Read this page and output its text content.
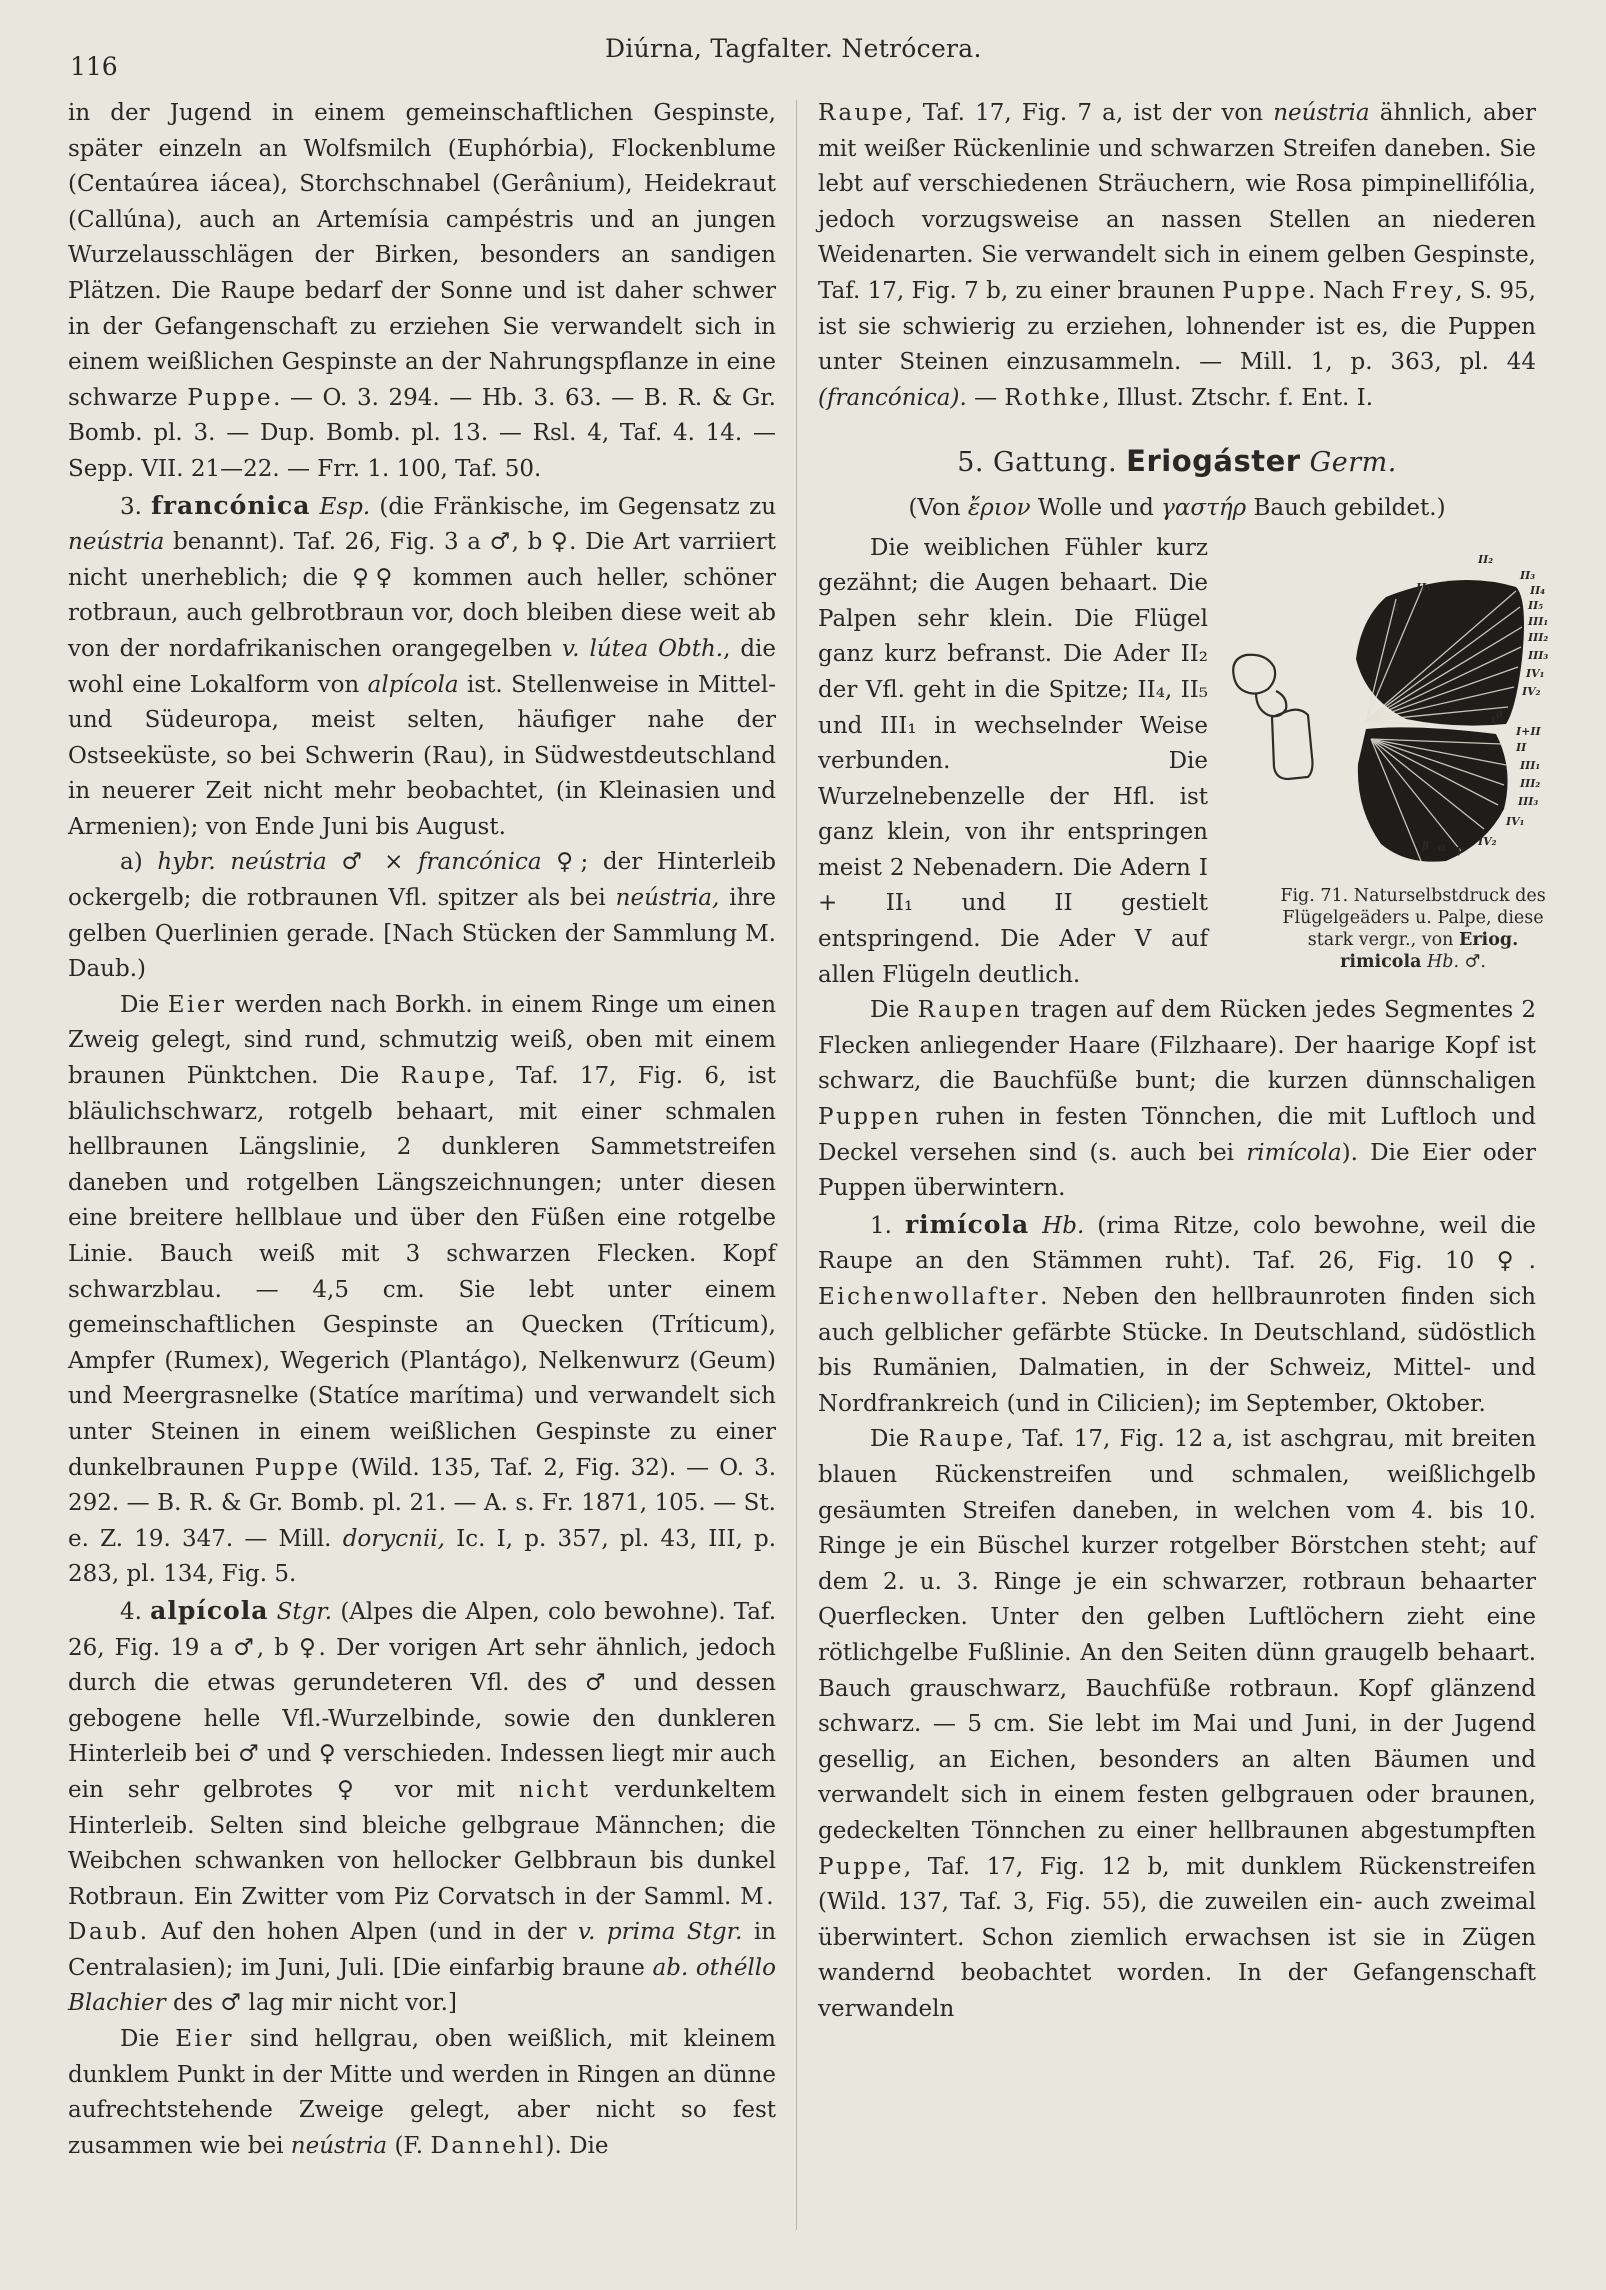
116
Diúrna, Tagfalter. Netrócera.

in der Jugend in einem gemeinschaftlichen Gespinste, später einzeln an Wolfsmilch (Euphórbia), Flockenblume (Centaúrea iácea), Storchschnabel (Gerânium), Heidekraut (Callúna), auch an Artemísia campéstris und an jungen Wurzelausschlägen der Birken, besonders an sandigen Plätzen. Die Raupe bedarf der Sonne und ist daher schwer in der Gefangenschaft zu erziehen Sie verwandelt sich in einem weißlichen Gespinste an der Nahrungspflanze in eine schwarze Puppe. — O. 3. 294. — Hb. 3. 63. — B. R. & Gr. Bomb. pl. 3. — Dup. Bomb. pl. 13. — Rsl. 4, Taf. 4. 14. — Sepp. VII. 21—22. — Frr. 1. 100, Taf. 50.

3. francónica Esp. (die Fränkische, im Gegensatz zu neústria benannt). Taf. 26, Fig. 3 a ♂, b ♀. Die Art varriiert nicht unerheblich; die ♀♀ kommen auch heller, schöner rotbraun, auch gelbrotbraun vor, doch bleiben diese weit ab von der nordafrikanischen orangegelben v. lútea Obth., die wohl eine Lokalform von alpícola ist. Stellenweise in Mittel- und Südeuropa, meist selten, häufiger nahe der Ostseeküste, so bei Schwerin (Rau), in Südwestdeutschland in neuerer Zeit nicht mehr beobachtet, (in Kleinasien und Armenien); von Ende Juni bis August.

a) hybr. neústria ♂ × francónica ♀; der Hinterleib ockergelb; die rotbraunen Vfl. spitzer als bei neústria, ihre gelben Querlinien gerade. [Nach Stücken der Sammlung M. Daub.)

Die Eier werden nach Borkh. in einem Ringe um einen Zweig gelegt, sind rund, schmutzig weiß, oben mit einem braunen Pünktchen. Die Raupe, Taf. 17, Fig. 6, ist bläulichschwarz, rotgelb behaart, mit einer schmalen hellbraunen Längslinie, 2 dunkleren Sammetstreifen daneben und rotgelben Längszeichnungen; unter diesen eine breitere hellblaue und über den Füßen eine rotgelbe Linie. Bauch weiß mit 3 schwarzen Flecken. Kopf schwarzblau. — 4,5 cm. Sie lebt unter einem gemeinschaftlichen Gespinste an Quecken (Tríticum), Ampfer (Rumex), Wegerich (Plantágo), Nelkenwurz (Geum) und Meergrasnelke (Statíce marítima) und verwandelt sich unter Steinen in einem weißlichen Gespinste zu einer dunkelbraunen Puppe (Wild. 135, Taf. 2, Fig. 32). — O. 3. 292. — B. R. & Gr. Bomb. pl. 21. — A. s. Fr. 1871, 105. — St. e. Z. 19. 347. — Mill. dorycnii, Ic. I, p. 357, pl. 43, III, p. 283, pl. 134, Fig. 5.

4. alpícola Stgr. (Alpes die Alpen, colo bewohne). Taf. 26, Fig. 19 a ♂, b ♀. Der vorigen Art sehr ähnlich, jedoch durch die etwas gerundeteren Vfl. des ♂ und dessen gebogene helle Vfl.-Wurzelbinde, sowie den dunkleren Hinterleib bei ♂ und ♀ verschieden. Indessen liegt mir auch ein sehr gelbrotes ♀ vor mit nicht verdunkeltem Hinterleib. Selten sind bleiche gelbgraue Männchen; die Weibchen schwanken von hellocker Gelbbraun bis dunkel Rotbraun. Ein Zwitter vom Piz Corvatsch in der Samml. M. Daub. Auf den hohen Alpen (und in der v. prima Stgr. in Centralasien); im Juni, Juli. [Die einfarbig braune ab. othéllo Blachier des ♂ lag mir nicht vor.]

Die Eier sind hellgrau, oben weißlich, mit kleinem dunklem Punkt in der Mitte und werden in Ringen an dünne aufrechtstehende Zweige gelegt, aber nicht so fest zusammen wie bei neústria (F. Dannehl). Die

Raupe, Taf. 17, Fig. 7 a, ist der von neústria ähnlich, aber mit weißer Rückenlinie und schwarzen Streifen daneben. Sie lebt auf verschiedenen Sträuchern, wie Rosa pimpinellifólia, jedoch vorzugsweise an nassen Stellen an niederen Weidenarten. Sie verwandelt sich in einem gelben Gespinste, Taf. 17, Fig. 7 b, zu einer braunen Puppe. Nach Frey, S. 95, ist sie schwierig zu erziehen, lohnender ist es, die Puppen unter Steinen einzusammeln. — Mill. 1, p. 363, pl. 44 (francónica). — Rothke, Illust. Ztschr. f. Ent. I.

5. Gattung. Eriogáster Germ.

(Von ἔριον Wolle und γαστήρ Bauch gebildet.)

II₂
II₁
II₃
II₄
II₅
III₁
III₂
III₃
IV₁
IV₂
I+II
II
III₁
III₂
III₃
IV₁
IV₂
β α γ
I
a
V
Fig. 71. Naturselbstdruck des Flügelgeäders u. Palpe, diese stark vergr., von Eriog. rimicola Hb. ♂.

Die weiblichen Fühler kurz gezähnt; die Augen behaart. Die Palpen sehr klein. Die Flügel ganz kurz befranst. Die Ader II₂ der Vfl. geht in die Spitze; II₄, II₅ und III₁ in wechselnder Weise verbunden. Die Wurzelnebenzelle der Hfl. ist ganz klein, von ihr entspringen meist 2 Nebenadern. Die Adern I + II₁ und II gestielt entspringend. Die Ader V auf allen Flügeln deutlich.

Die Raupen tragen auf dem Rücken jedes Segmentes 2 Flecken anliegender Haare (Filzhaare). Der haarige Kopf ist schwarz, die Bauchfüße bunt; die kurzen dünnschaligen Puppen ruhen in festen Tönnchen, die mit Luftloch und Deckel versehen sind (s. auch bei rimícola). Die Eier oder Puppen überwintern.

1. rimícola Hb. (rima Ritze, colo bewohne, weil die Raupe an den Stämmen ruht). Taf. 26, Fig. 10 ♀. Eichenwollafter. Neben den hellbraunroten finden sich auch gelblicher gefärbte Stücke. In Deutschland, südöstlich bis Rumänien, Dalmatien, in der Schweiz, Mittel- und Nordfrankreich (und in Cilicien); im September, Oktober.

Die Raupe, Taf. 17, Fig. 12 a, ist aschgrau, mit breiten blauen Rückenstreifen und schmalen, weißlichgelb gesäumten Streifen daneben, in welchen vom 4. bis 10. Ringe je ein Büschel kurzer rotgelber Börstchen steht; auf dem 2. u. 3. Ringe je ein schwarzer, rotbraun behaarter Querflecken. Unter den gelben Luftlöchern zieht eine rötlichgelbe Fußlinie. An den Seiten dünn graugelb behaart. Bauch grauschwarz, Bauchfüße rotbraun. Kopf glänzend schwarz. — 5 cm. Sie lebt im Mai und Juni, in der Jugend gesellig, an Eichen, besonders an alten Bäumen und verwandelt sich in einem festen gelbgrauen oder braunen, gedeckelten Tönnchen zu einer hellbraunen abgestumpften Puppe, Taf. 17, Fig. 12 b, mit dunklem Rückenstreifen (Wild. 137, Taf. 3, Fig. 55), die zuweilen ein- auch zweimal überwintert. Schon ziemlich erwachsen ist sie in Zügen wandernd beobachtet worden. In der Gefangenschaft verwandeln
